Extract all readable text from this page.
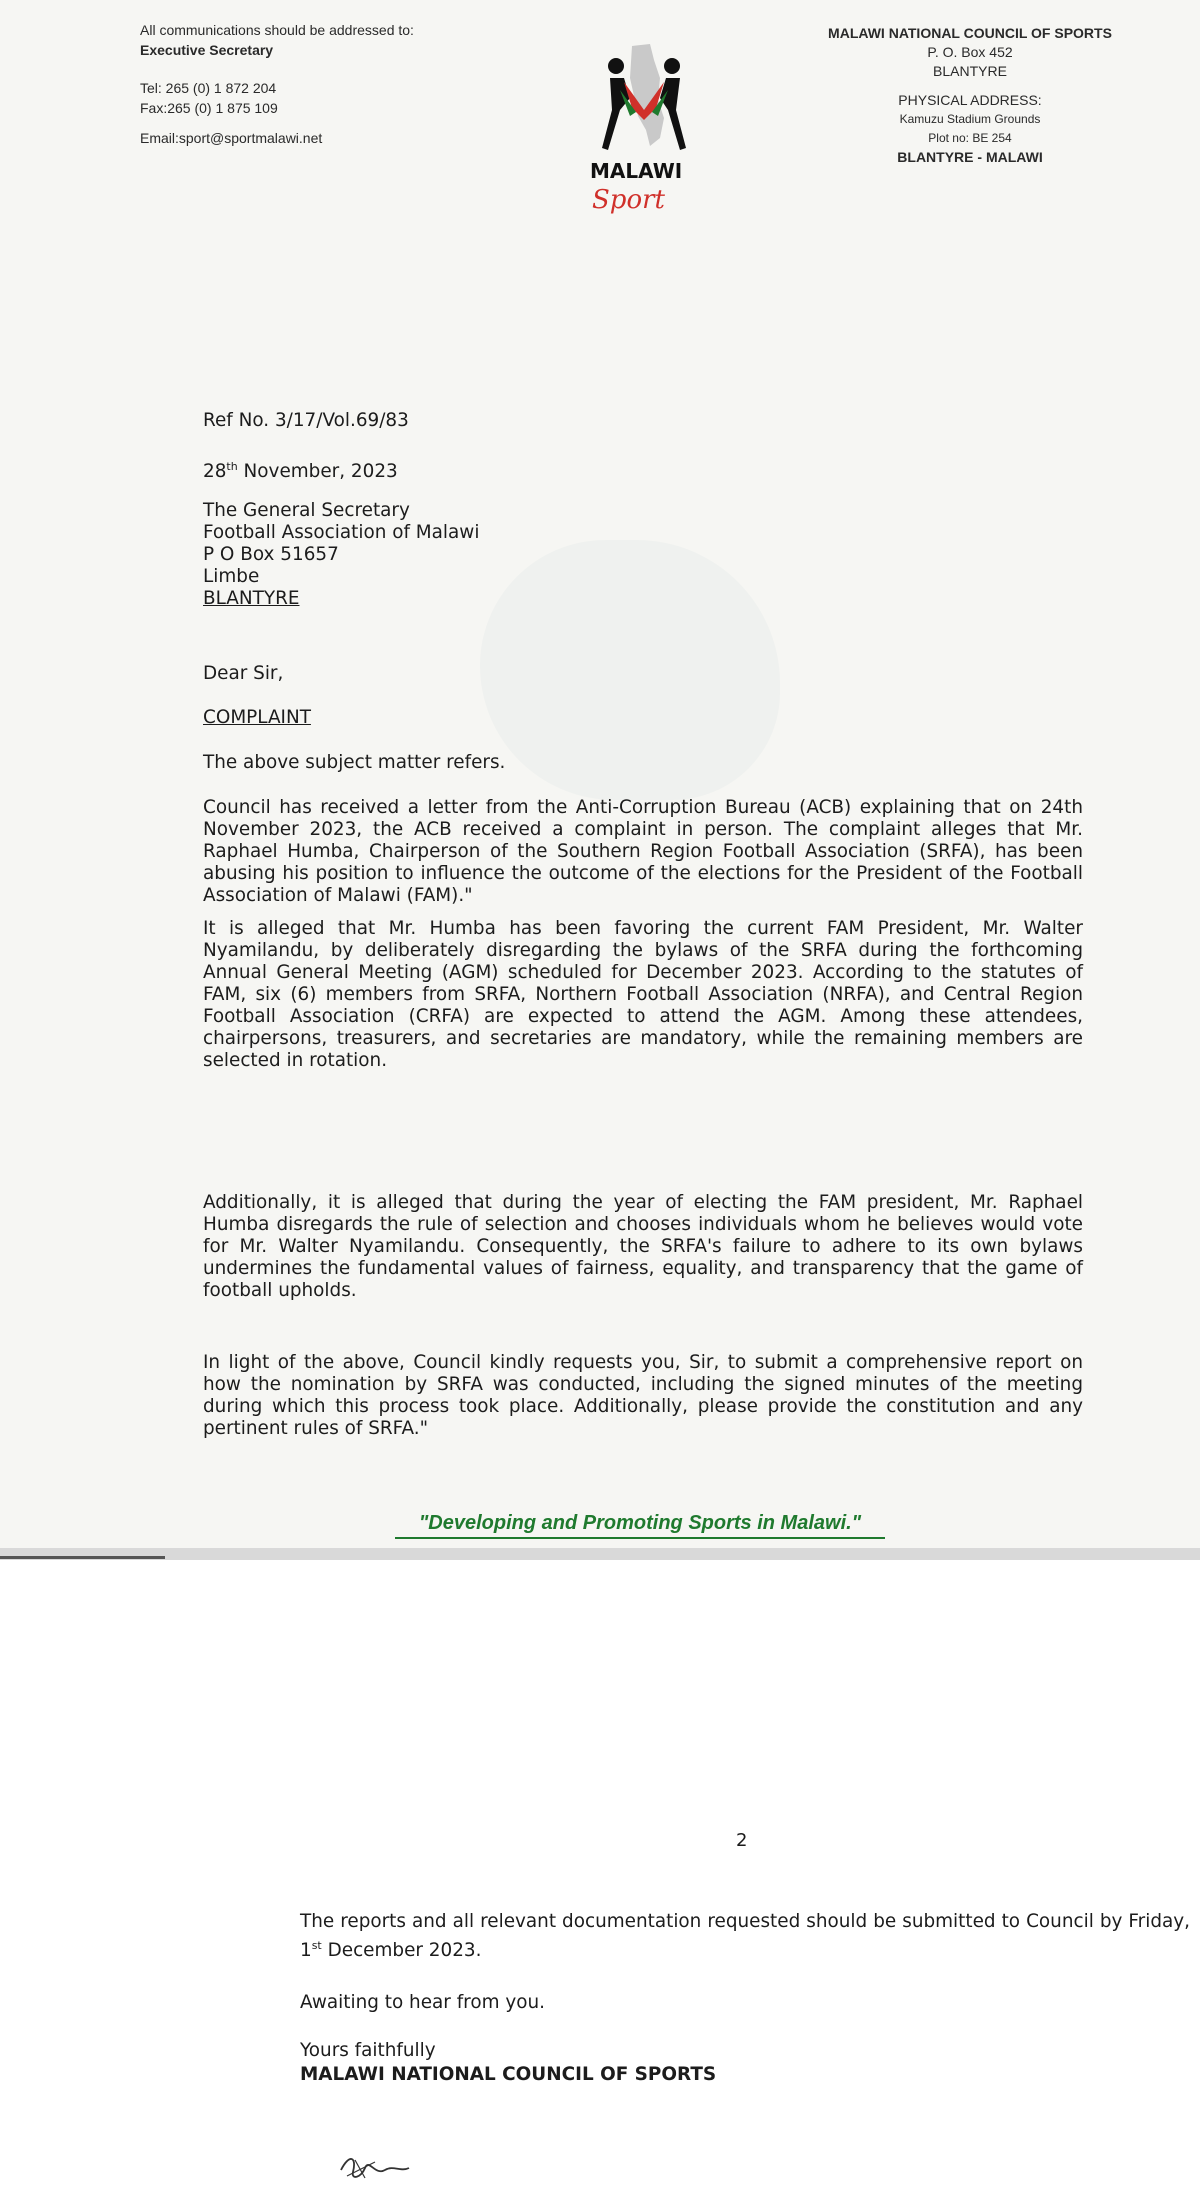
All communications should be addressed to:
Executive Secretary
Tel: 265 (0) 1 872 204
Fax:265 (0) 1 875 109
Email:sport@sportmalawi.net
MALAWI
Sport
MALAWI NATIONAL COUNCIL OF SPORTS
P. O. Box 452
BLANTYRE
PHYSICAL ADDRESS:
Kamuzu Stadium Grounds
Plot no: BE 254
BLANTYRE - MALAWI
Ref No. 3/17/Vol.69/83
28th November, 2023
The General Secretary
Football Association of Malawi
P O Box 51657
Limbe
BLANTYRE
Dear Sir,
COMPLAINT

The above subject matter refers.

Council has received a letter from the Anti-Corruption Bureau (ACB) explaining that on 24th November 2023, the ACB received a complaint in person. The complaint alleges that Mr. Raphael Humba, Chairperson of the Southern Region Football Association (SRFA), has been abusing his position to influence the outcome of the elections for the President of the Football Association of Malawi (FAM)."

It is alleged that Mr. Humba has been favoring the current FAM President, Mr. Walter Nyamilandu, by deliberately disregarding the bylaws of the SRFA during the forthcoming Annual General Meeting (AGM) scheduled for December 2023. According to the statutes of FAM, six (6) members from SRFA, Northern Football Association (NRFA), and Central Region Football Association (CRFA) are expected to attend the AGM. Among these attendees, chairpersons, treasurers, and secretaries are mandatory, while the remaining members are selected in rotation.

Additionally, it is alleged that during the year of electing the FAM president, Mr. Raphael Humba disregards the rule of selection and chooses individuals whom he believes would vote for Mr. Walter Nyamilandu. Consequently, the SRFA's failure to adhere to its own bylaws undermines the fundamental values of fairness, equality, and transparency that the game of football upholds.

In light of the above, Council kindly requests you, Sir, to submit a comprehensive report on how the nomination by SRFA was conducted, including the signed minutes of the meeting during which this process took place. Additionally, please provide the constitution and any pertinent rules of SRFA."

"Developing and Promoting Sports in Malawi."
2
The reports and all relevant documentation requested should be submitted to Council by Friday, 1st December 2023.
Awaiting to hear from you.
Yours faithfully
MALAWI NATIONAL COUNCIL OF SPORTS
